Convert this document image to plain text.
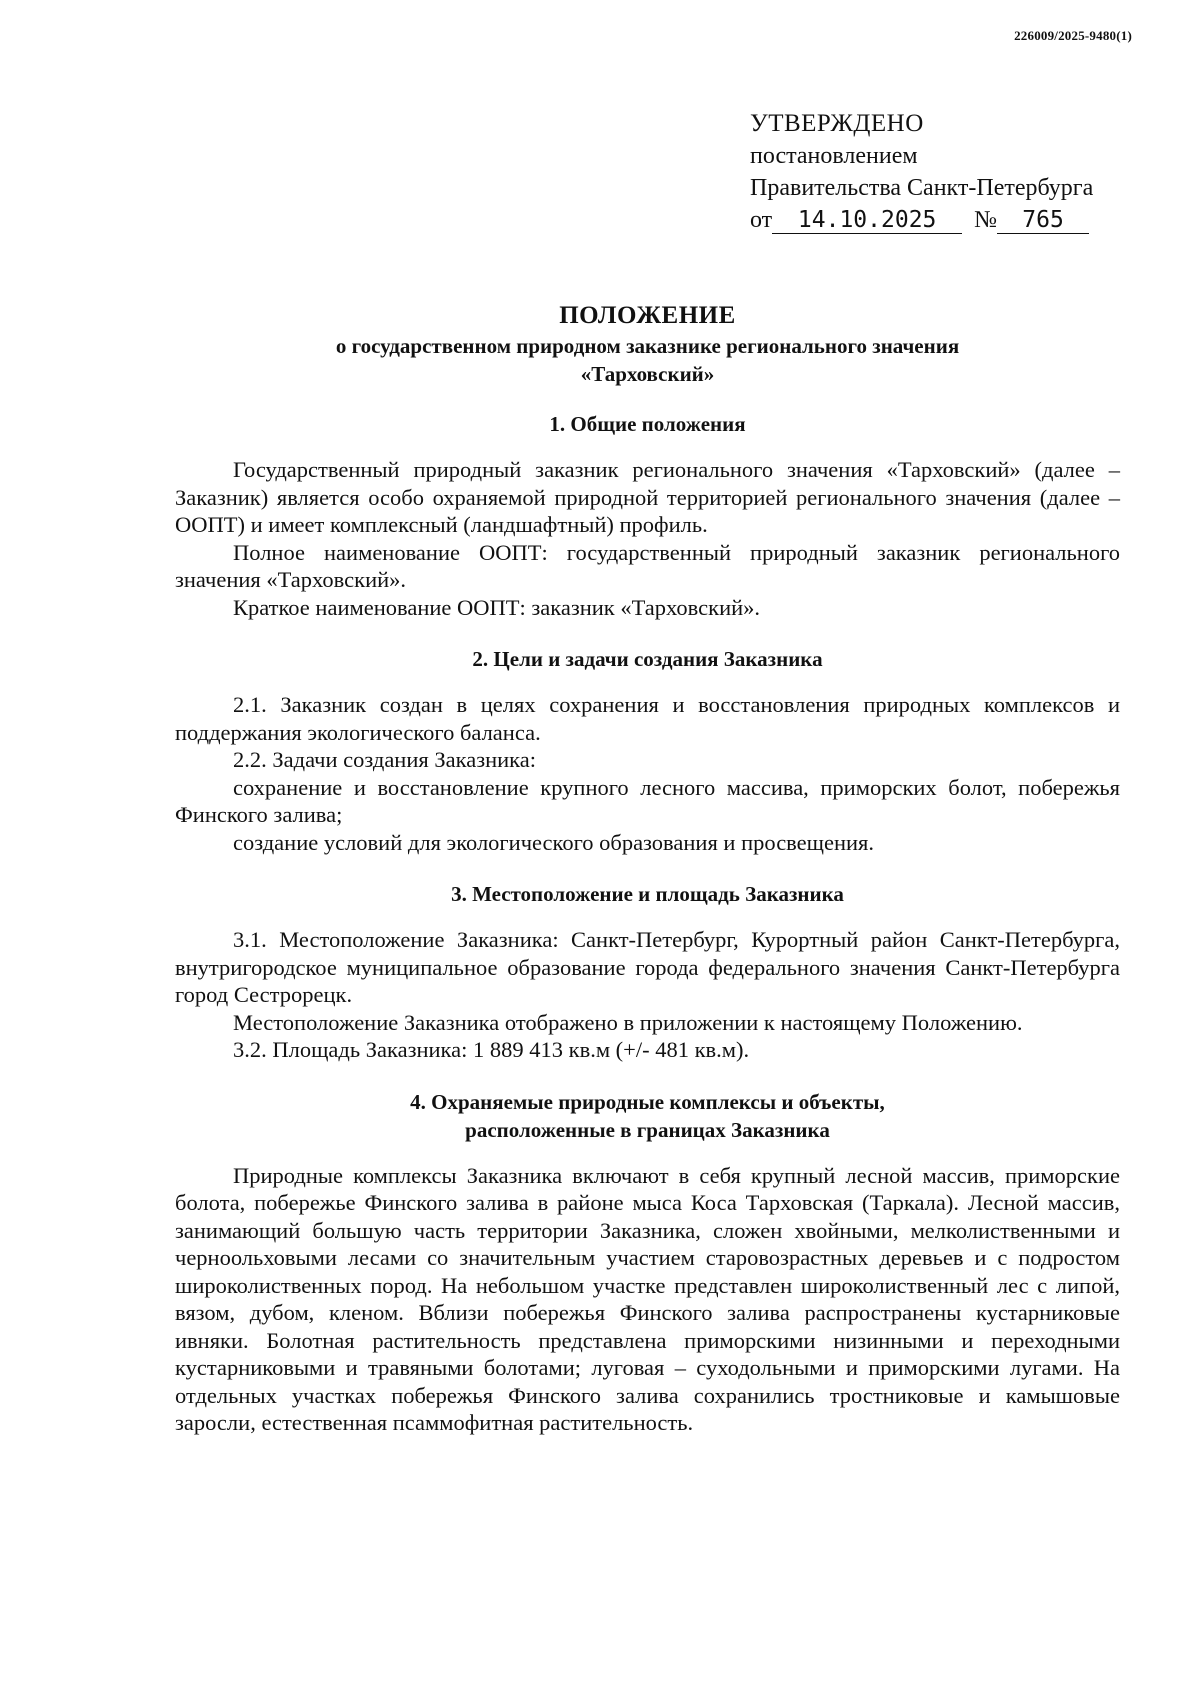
226009/2025-9480(1)
УТВЕРЖДЕНО
постановлением
Правительства Санкт-Петербурга
от 14.10.2025 № 765
ПОЛОЖЕНИЕ
о государственном природном заказнике регионального значения
«Тарховский»
1. Общие положения

Государственный природный заказник регионального значения «Тарховский» (далее – Заказник) является особо охраняемой природной территорией регионального значения (далее – ООПТ) и имеет комплексный (ландшафтный) профиль.

Полное наименование ООПТ: государственный природный заказник регионального значения «Тарховский».

Краткое наименование ООПТ: заказник «Тарховский».

2. Цели и задачи создания Заказника

2.1. Заказник создан в целях сохранения и восстановления природных комплексов и поддержания экологического баланса.

2.2. Задачи создания Заказника:

сохранение и восстановление крупного лесного массива, приморских болот, побережья Финского залива;

создание условий для экологического образования и просвещения.

3. Местоположение и площадь Заказника

3.1. Местоположение Заказника: Санкт-Петербург, Курортный район Санкт-Петербурга, внутригородское муниципальное образование города федерального значения Санкт-Петербурга город Сестрорецк.

Местоположение Заказника отображено в приложении к настоящему Положению.

3.2. Площадь Заказника: 1 889 413 кв.м (+/- 481 кв.м).

4. Охраняемые природные комплексы и объекты,
расположенные в границах Заказника

Природные комплексы Заказника включают в себя крупный лесной массив, приморские болота, побережье Финского залива в районе мыса Коса Тарховская (Таркала). Лесной массив, занимающий большую часть территории Заказника, сложен хвойными, мелколиственными и черноольховыми лесами со значительным участием старовозрастных деревьев и с подростом широколиственных пород. На небольшом участке представлен широколиственный лес с липой, вязом, дубом, кленом. Вблизи побережья Финского залива распространены кустарниковые ивняки. Болотная растительность представлена приморскими низинными и переходными кустарниковыми и травяными болотами; луговая – суходольными и приморскими лугами. На отдельных участках побережья Финского залива сохранились тростниковые и камышовые заросли, естественная псаммофитная растительность.
